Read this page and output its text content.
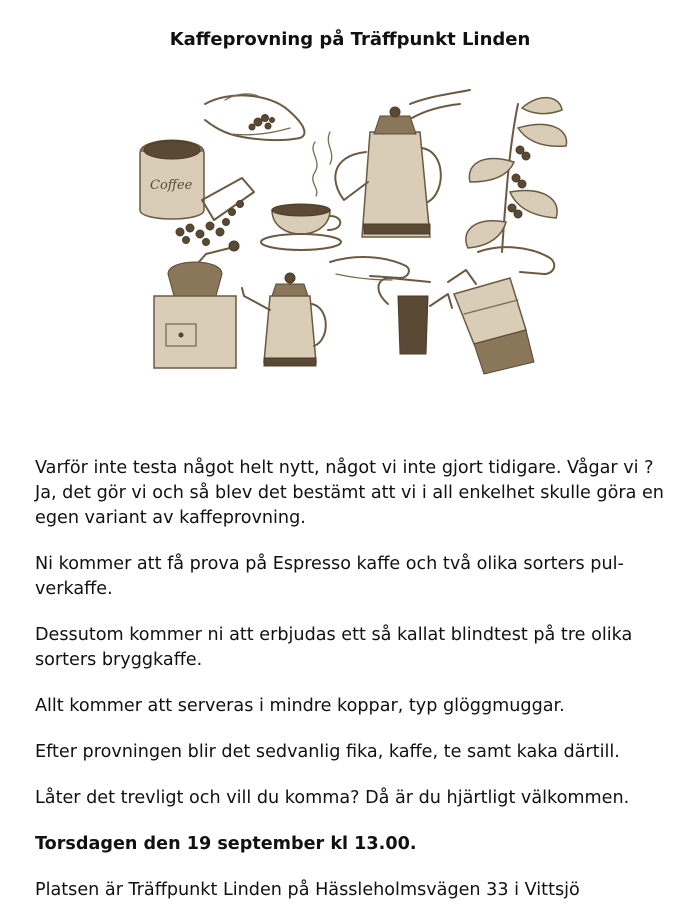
Kaffeprovning på Träffpunkt Linden
Coffee

Varför inte testa något helt nytt, något vi inte gjort tidigare. Vågar vi ? Ja, det gör vi och så blev det bestämt att vi i all enkelhet skulle göra en egen variant av kaffeprovning.

Ni kommer att få prova på Espresso kaffe och två olika sorters pul-verkaffe.

Dessutom kommer ni att erbjudas ett så kallat blindtest på tre olika sorters bryggkaffe.

Allt kommer att serveras i mindre koppar, typ glöggmuggar.

Efter provningen blir det sedvanlig fika, kaffe, te samt kaka därtill.

Låter det trevligt och vill du komma? Då är du hjärtligt välkommen.

Torsdagen den 19 september kl 13.00.

Platsen är Träffpunkt Linden på Hässleholmsvägen 33 i Vittsjö
